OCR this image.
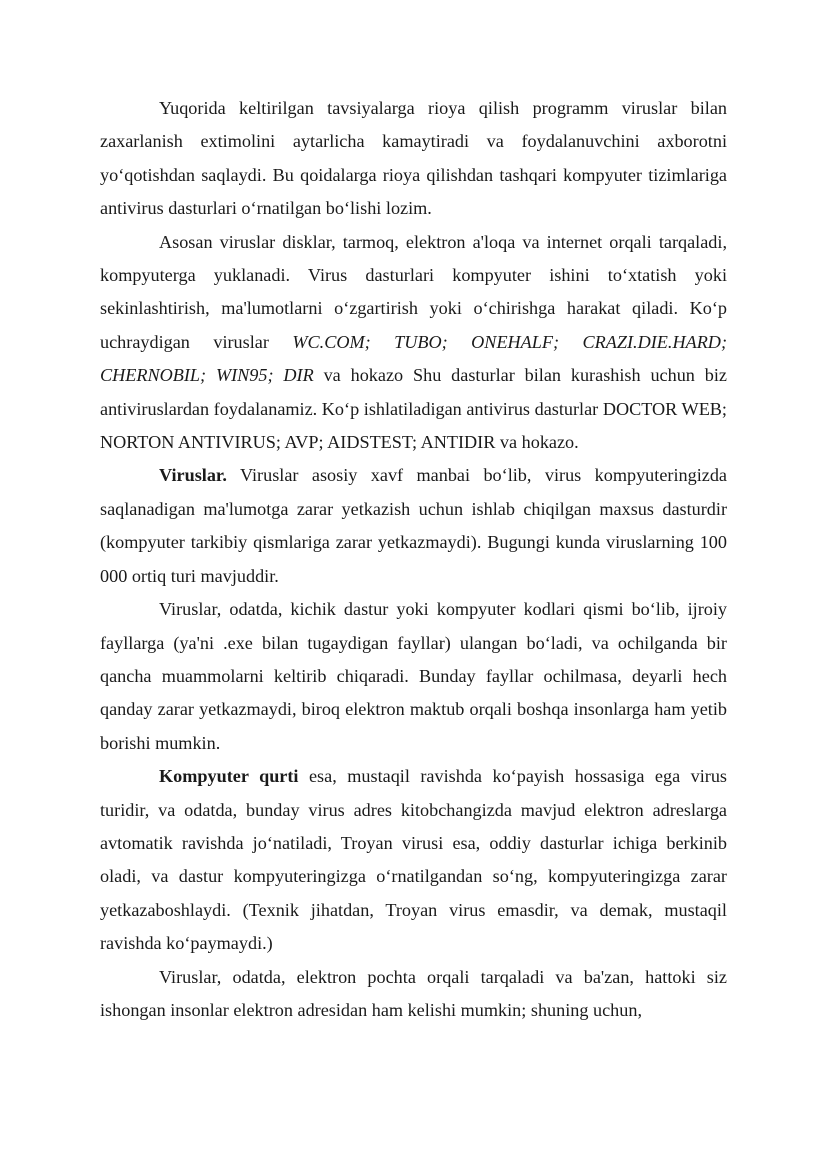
Yuqorida keltirilgan tavsiyalarga rioya qilish programm viruslar bilan zaxarlanish extimolini aytarlicha kamaytiradi va foydalanuvchini axborotni yo‘qotishdan saqlaydi. Bu qoidalarga rioya qilishdan tashqari kompyuter tizimlariga antivirus dasturlari o‘rnatilgan bo‘lishi lozim.

Asosan viruslar disklar, tarmoq, elektron a'loqa va internet orqali tarqaladi, kompyuterga yuklanadi. Virus dasturlari kompyuter ishini to‘xtatish yoki sekinlashtirish, ma'lumotlarni o‘zgartirish yoki o‘chirishga harakat qiladi. Ko‘p uchraydigan viruslar WC.COM; TUBO; ONEHALF; CRAZI.DIE.HARD; CHERNOBIL; WIN95; DIR va hokazo Shu dasturlar bilan kurashish uchun biz antiviruslardan foydalanamiz. Ko‘p ishlatiladigan antivirus dasturlar DOCTOR WEB; NORTON ANTIVIRUS; AVP; AIDSTEST; ANTIDIR va hokazo.

Viruslar. Viruslar asosiy xavf manbai bo‘lib, virus kompyuteringizda saqlanadigan ma'lumotga zarar yetkazish uchun ishlab chiqilgan maxsus dasturdir (kompyuter tarkibiy qismlariga zarar yetkazmaydi). Bugungi kunda viruslarning 100 000 ortiq turi mavjuddir.

Viruslar, odatda, kichik dastur yoki kompyuter kodlari qismi bo‘lib, ijroiy fayllarga (ya'ni .exe bilan tugaydigan fayllar) ulangan bo‘ladi, va ochilganda bir qancha muammolarni keltirib chiqaradi. Bunday fayllar ochilmasa, deyarli hech qanday zarar yetkazmaydi, biroq elektron maktub orqali boshqa insonlarga ham yetib borishi mumkin.

Kompyuter qurti esa, mustaqil ravishda ko‘payish hossasiga ega virus turidir, va odatda, bunday virus adres kitobchangizda mavjud elektron adreslarga avtomatik ravishda jo‘natiladi, Troyan virusi esa, oddiy dasturlar ichiga berkinib oladi, va dastur kompyuteringizga o‘rnatilgandan so‘ng, kompyuteringizga zarar yetkazaboshlaydi. (Texnik jihatdan, Troyan virus emasdir, va demak, mustaqil ravishda ko‘paymaydi.)

Viruslar, odatda, elektron pochta orqali tarqaladi va ba'zan, hattoki siz ishongan insonlar elektron adresidan ham kelishi mumkin; shuning uchun,
